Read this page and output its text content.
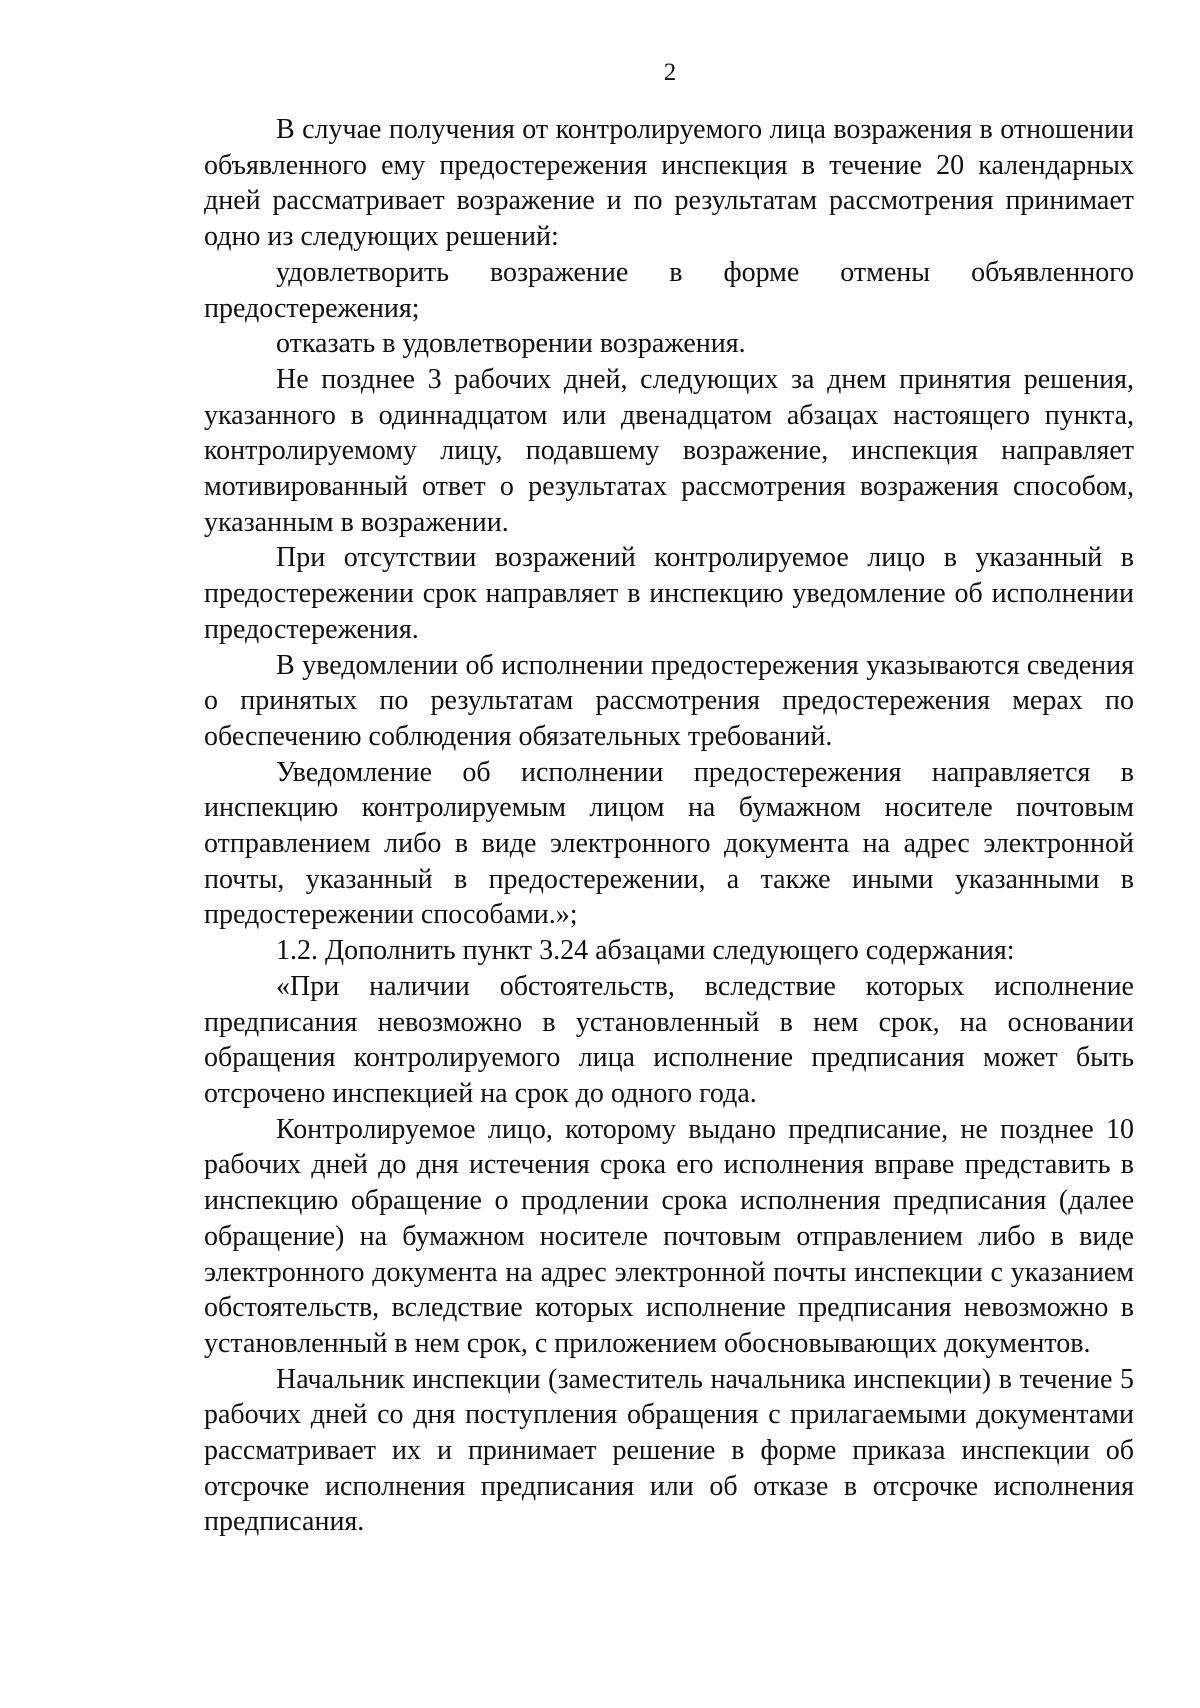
2

В случае получения от контролируемого лица возражения в отношении объявленного ему предостережения инспекция в течение 20 календарных дней рассматривает возражение и по результатам рассмотрения принимает одно из следующих решений:

удовлетворить возражение в форме отмены объявленного предостережения;

отказать в удовлетворении возражения.

Не позднее 3 рабочих дней, следующих за днем принятия решения, указанного в одиннадцатом или двенадцатом абзацах настоящего пункта, контролируемому лицу, подавшему возражение, инспекция направляет мотивированный ответ о результатах рассмотрения возражения способом, указанным в возражении.

При отсутствии возражений контролируемое лицо в указанный в предостережении срок направляет в инспекцию уведомление об исполнении предостережения.

В уведомлении об исполнении предостережения указываются сведения о принятых по результатам рассмотрения предостережения мерах по обеспечению соблюдения обязательных требований.

Уведомление об исполнении предостережения направляется в инспекцию контролируемым лицом на бумажном носителе почтовым отправлением либо в виде электронного документа на адрес электронной почты, указанный в предостережении, а также иными указанными в предостережении способами.»;

1.2. Дополнить пункт 3.24 абзацами следующего содержания:

«При наличии обстоятельств, вследствие которых исполнение предписания невозможно в установленный в нем срок, на основании обращения контролируемого лица исполнение предписания может быть отсрочено инспекцией на срок до одного года.

Контролируемое лицо, которому выдано предписание, не позднее 10 рабочих дней до дня истечения срока его исполнения вправе представить в инспекцию обращение о продлении срока исполнения предписания (далее обращение) на бумажном носителе почтовым отправлением либо в виде электронного документа на адрес электронной почты инспекции с указанием обстоятельств, вследствие которых исполнение предписания невозможно в установленный в нем срок, с приложением обосновывающих документов.

Начальник инспекции (заместитель начальника инспекции) в течение 5 рабочих дней со дня поступления обращения с прилагаемыми документами рассматривает их и принимает решение в форме приказа инспекции об отсрочке исполнения предписания или об отказе в отсрочке исполнения предписания.
